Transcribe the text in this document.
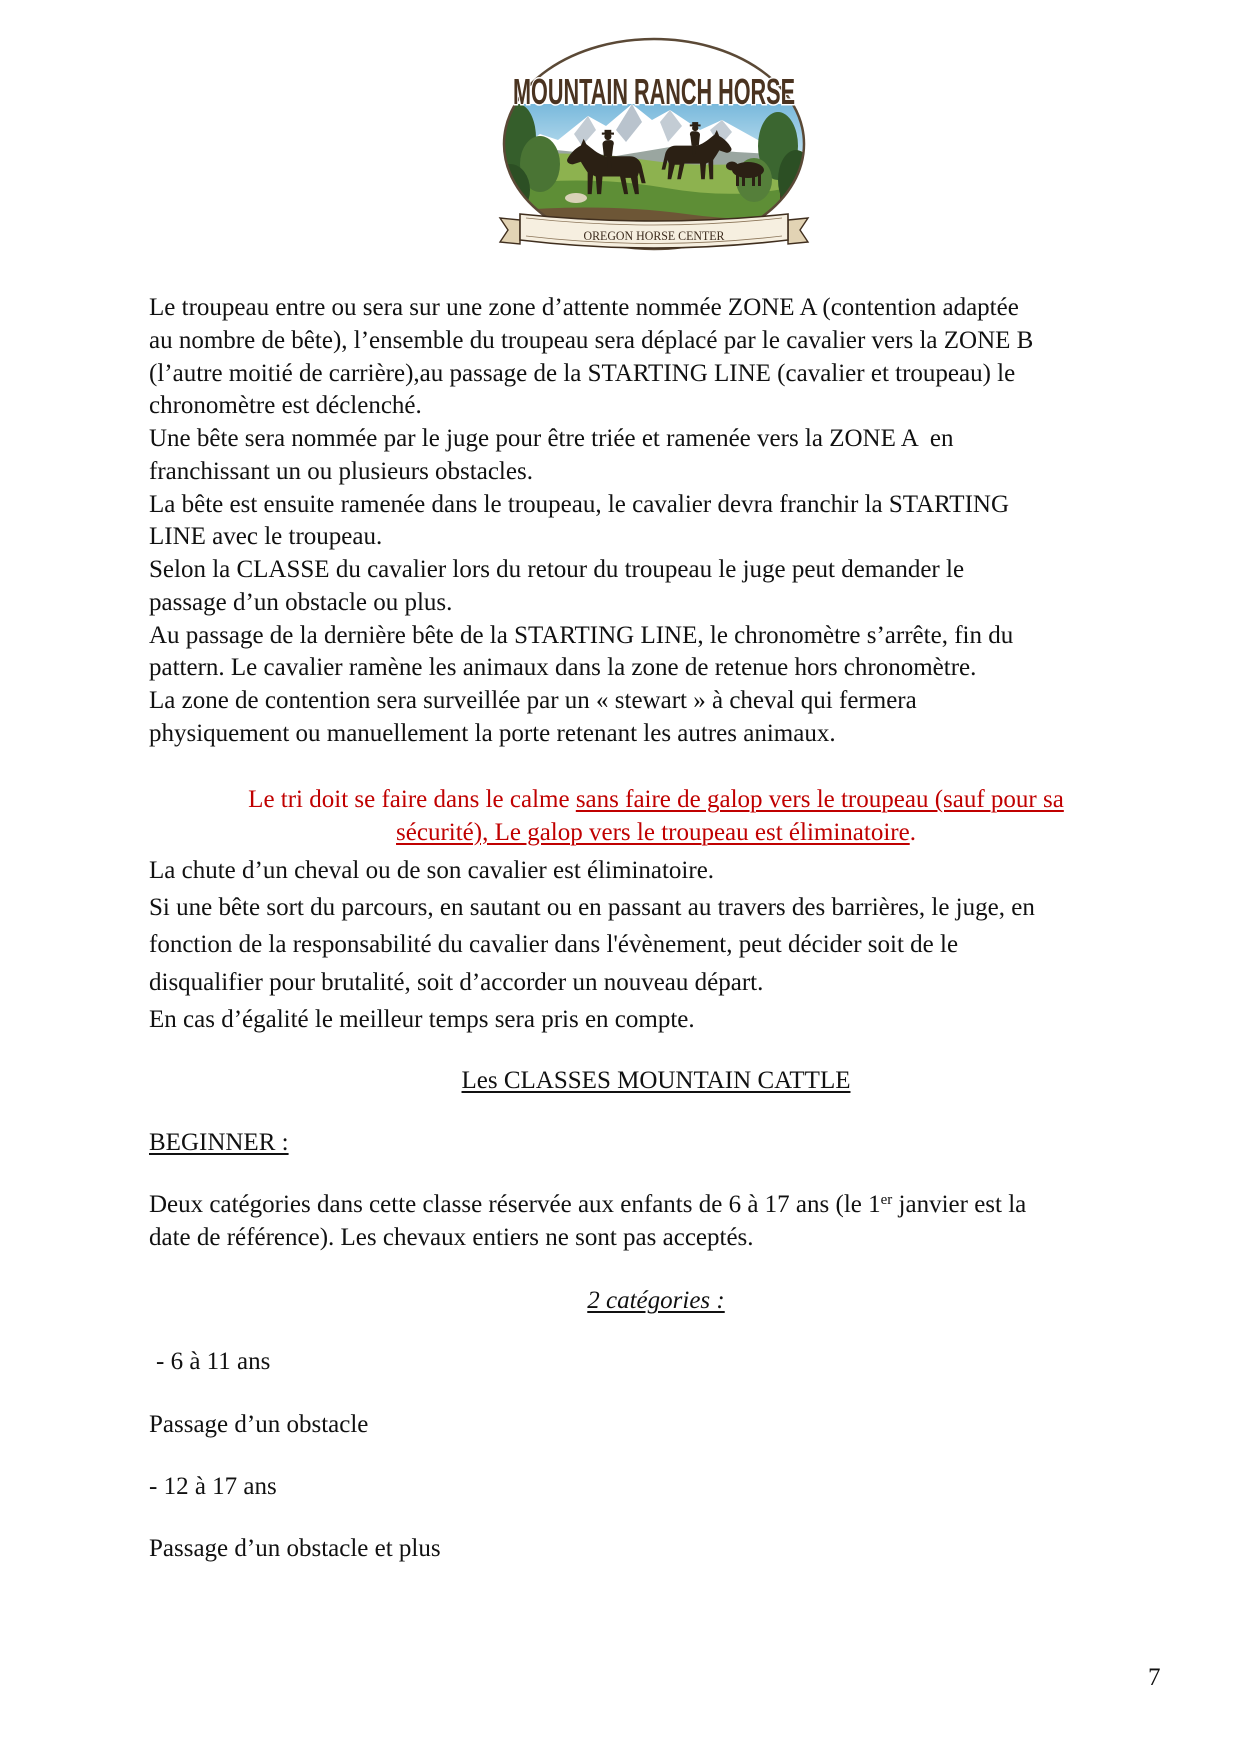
MOUNTAIN RANCH HORSE
OREGON HORSE CENTER
Le troupeau entre ou sera sur une zone d’attente nommée ZONE A (contention adaptée
au nombre de bête), l’ensemble du troupeau sera déplacé par le cavalier vers la ZONE B
(l’autre moitié de carrière),au passage de la STARTING LINE (cavalier et troupeau) le
chronomètre est déclenché.
Une bête sera nommée par le juge pour être triée et ramenée vers la ZONE A  en
franchissant un ou plusieurs obstacles.
La bête est ensuite ramenée dans le troupeau, le cavalier devra franchir la STARTING
LINE avec le troupeau.
Selon la CLASSE du cavalier lors du retour du troupeau le juge peut demander le
passage d’un obstacle ou plus.
Au passage de la dernière bête de la STARTING LINE, le chronomètre s’arrête, fin du
pattern. Le cavalier ramène les animaux dans la zone de retenue hors chronomètre.
La zone de contention sera surveillée par un « stewart » à cheval qui fermera
physiquement ou manuellement la porte retenant les autres animaux.
Le tri doit se faire dans le calme sans faire de galop vers le troupeau (sauf pour sa
sécurité), Le galop vers le troupeau est éliminatoire.
La chute d’un cheval ou de son cavalier est éliminatoire.
Si une bête sort du parcours, en sautant ou en passant au travers des barrières, le juge, en
fonction de la responsabilité du cavalier dans l'évènement, peut décider soit de le
disqualifier pour brutalité, soit d’accorder un nouveau départ.
En cas d’égalité le meilleur temps sera pris en compte.
Les CLASSES MOUNTAIN CATTLE
BEGINNER :
Deux catégories dans cette classe réservée aux enfants de 6 à 17 ans (le 1er janvier est la
date de référence). Les chevaux entiers ne sont pas acceptés.
2 catégories :
- 6 à 11 ans
Passage d’un obstacle
- 12 à 17 ans
Passage d’un obstacle et plus
7
